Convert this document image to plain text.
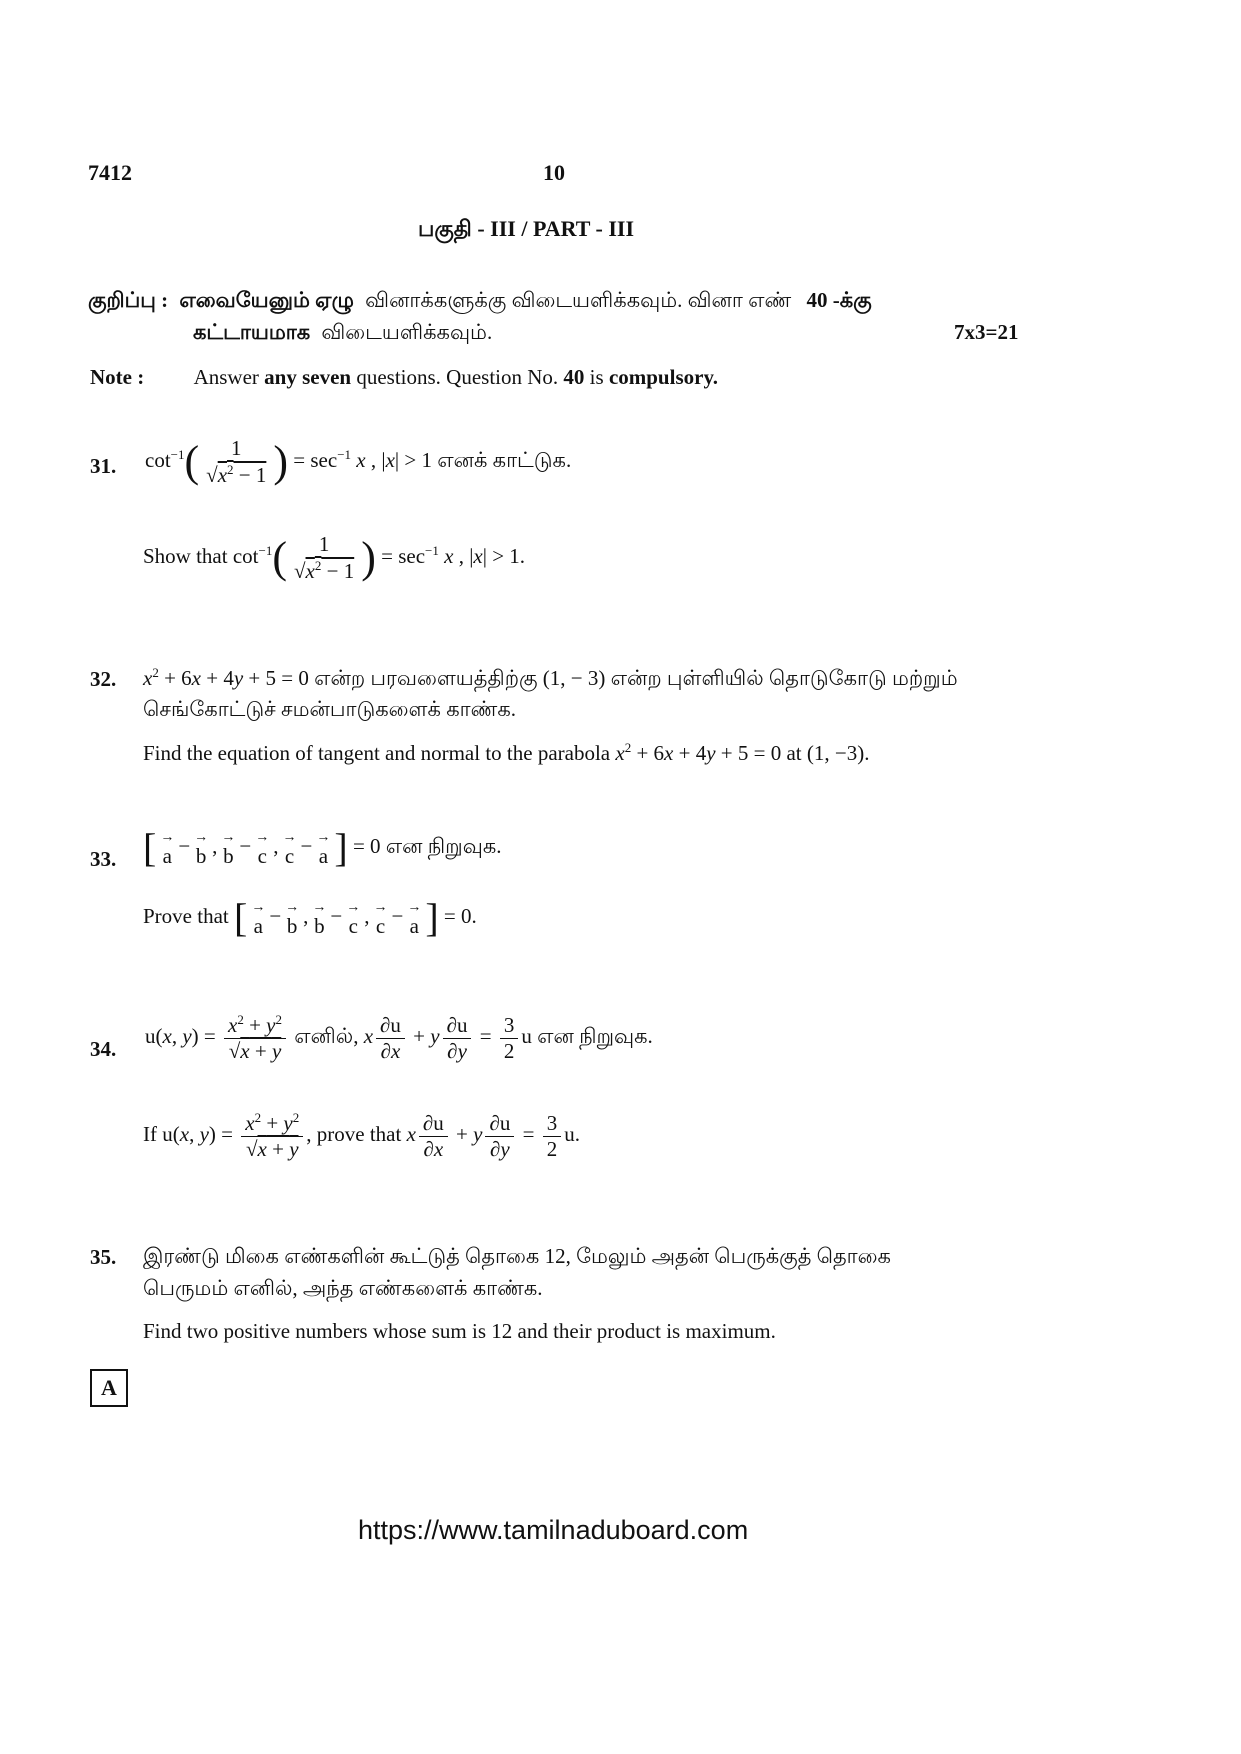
7412	10
பகுதி - III / PART - III
குறிப்பு : எவையேனும் ஏழு வினாக்களுக்கு விடையளிக்கவும். வினா எண் 40 -க்கு
கட்டாயமாக விடையளிக்கவும்.	7x3=21
Note : Answer any seven questions. Question No. 40 is compulsory.
31. $\cot^{-1}( \frac{1}{√x^2 - 1}$ ) = $\sec^{-1} x$ , |x| > 1 எனக் காட்டுக.
Show that $\cot^{-1}( \frac{1}{√x^2 - 1}$ ) = $\sec^{-1} x$ , |x| > 1.
32. $x^2 + 6x + 4y + 5 = 0$ என்ற பரவளையத்திற்கு (1, − 3) என்ற புள்ளியில் தொடுகோடு மற்றும்
செங்கோட்டுச் சமன்பாடுகளைக் காண்க.
Find the equation of tangent and normal to the parabola $x^2 + 6x + 4y + 5 = 0$ at (1, −3).
33. [ →
a − →
b , →
b − →
c , →
c − →
a ] = 0 என நிறுவுக.
Prove that [ →
a − →
b , →
b − →
c , →
c − →
a ] = 0.
34.
u(x, $y) = \frac{x^2 + y^2}{√x + y}$ எனில், x $\frac{\partial u}{\partial x} + y \frac{\partial u}{\partial y} = \frac{3}{2}$ u என நிறுவுக.
If u(x, $y) = \frac{x^2 + y^2}{√x + y}$ , prove that x $\frac{\partial u}{\partial x} + y \frac{\partial u}{\partial y} = \frac{3}{2} u$.
35. இரண்டு மிகை எண்களின் கூட்டுத் தொகை 12, மேலும் அதன் பெருக்குத் தொகை
பெருமம் எனில், அந்த எண்களைக் காண்க.
Find two positive numbers whose sum is 12 and their product is maximum.
A
https://www.tamilnaduboard.com
